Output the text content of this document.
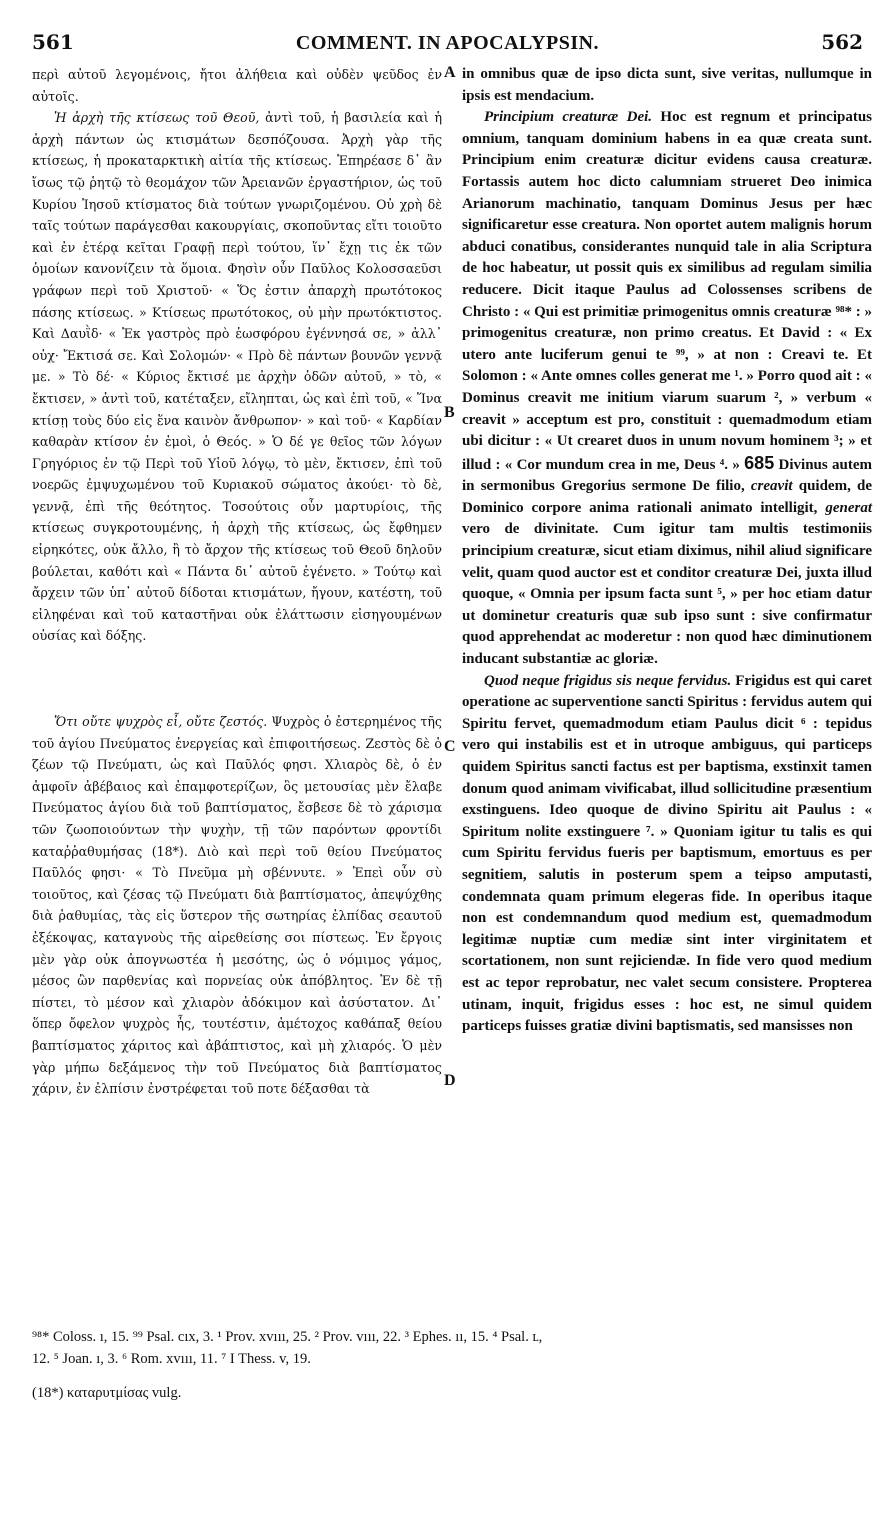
561	COMMENT. IN APOCALYPSIN.	562

περὶ αὐτοῦ λεγομένοις, ἤτοι ἀλήθεια καὶ οὐδὲν ψεῦδος ἐν αὐτοῖς.

Ἡ ἀρχὴ τῆς κτίσεως τοῦ Θεοῦ, ἀντὶ τοῦ, ἡ βασιλεία καὶ ἡ ἀρχὴ πάντων ὡς κτισμάτων δεσπόζουσα. Ἀρχὴ γὰρ τῆς κτίσεως, ἡ προκαταρκτικὴ αἰτία τῆς κτίσεως. Ἐπηρέασε δ᾽ ἂν ἴσως τῷ ῥητῷ τὸ θεομάχον τῶν Ἀρειανῶν ἐργαστήριον, ὡς τοῦ Κυρίου Ἰησοῦ κτίσματος διὰ τούτων γνωριζομένου. Οὐ χρὴ δὲ ταῖς τούτων παράγεσθαι κακουργίαις, σκοποῦντας εἴτι τοιοῦτο καὶ ἐν ἑτέρᾳ κεῖται Γραφῇ περὶ τούτου, ἵν᾽ ἔχῃ τις ἐκ τῶν ὁμοίων κανονίζειν τὰ ὅμοια. Φησὶν οὖν Παῦλος Κολοσσαεῦσι γράφων περὶ τοῦ Χριστοῦ· « Ὅς ἐστιν ἀπαρχὴ πρωτότοκος πάσης κτίσεως. » Κτίσεως πρωτότοκος, οὐ μὴν πρωτόκτιστος. Καὶ Δαυῒδ· « Ἐκ γαστρὸς πρὸ ἑωσφόρου ἐγέννησά σε, » ἀλλ᾽ οὐχ· Ἔκτισά σε. Καὶ Σολομών· « Πρὸ δὲ πάντων βουνῶν γεννᾷ με. » Τὸ δέ· « Κύριος ἔκτισέ με ἀρχὴν ὁδῶν αὐτοῦ, » τὸ, « ἔκτισεν, » ἀντὶ τοῦ, κατέταξεν, εἴληπται, ὡς καὶ ἐπὶ τοῦ, « Ἵνα κτίσῃ τοὺς δύο εἰς ἕνα καινὸν ἄνθρωπον· » καὶ τοῦ· « Καρδίαν καθαρὰν κτίσον ἐν ἐμοὶ, ὁ Θεός. » Ὁ δέ γε θεῖος τῶν λόγων Γρηγόριος ἐν τῷ Περὶ τοῦ Υἱοῦ λόγῳ, τὸ μὲν, ἔκτισεν, ἐπὶ τοῦ νοερῶς ἐμψυχωμένου τοῦ Κυριακοῦ σώματος ἀκούει· τὸ δὲ, γεννᾷ, ἐπὶ τῆς θεότητος. Τοσούτοις οὖν μαρτυρίοις, τῆς κτίσεως συγκροτουμένης, ἡ ἀρχὴ τῆς κτίσεως, ὡς ἔφθημεν εἰρηκότες, οὐκ ἄλλο, ἢ τὸ ἄρχον τῆς κτίσεως τοῦ Θεοῦ δηλοῦν βούλεται, καθότι καὶ « Πάντα δι᾽ αὐτοῦ ἐγένετο. » Τούτῳ καὶ ἄρχειν τῶν ὑπ᾽ αὐτοῦ δίδοται κτισμάτων, ἤγουν, κατέστη, τοῦ εἰληφέναι καὶ τοῦ καταστῆναι οὐκ ἐλάττωσιν εἰσηγουμένων οὐσίας καὶ δόξης.

Ὅτι οὔτε ψυχρὸς εἶ, οὔτε ζεστός. Ψυχρὸς ὁ ἐστερημένος τῆς τοῦ ἁγίου Πνεύματος ἐνεργείας καὶ ἐπιφοιτήσεως. Ζεστὸς δὲ ὁ ζέων τῷ Πνεύματι, ὡς καὶ Παῦλός φησι. Χλιαρὸς δὲ, ὁ ἐν ἀμφοῖν ἀβέβαιος καὶ ἐπαμφοτερίζων, ὃς μετουσίας μὲν ἔλαβε Πνεύματος ἁγίου διὰ τοῦ βαπτίσματος, ἔσβεσε δὲ τὸ χάρισμα τῶν ζωοποιούντων τὴν ψυχὴν, τῇ τῶν παρόντων φροντίδι καταῤῥαθυμήσας (18*). Διὸ καὶ περὶ τοῦ θείου Πνεύματος Παῦλός φησι· « Τὸ Πνεῦμα μὴ σβέννυτε. » Ἐπεὶ οὖν σὺ τοιοῦτος, καὶ ζέσας τῷ Πνεύματι διὰ βαπτίσματος, ἀπεψύχθης διὰ ῥαθυμίας, τὰς εἰς ὕστερον τῆς σωτηρίας ἐλπίδας σεαυτοῦ ἐξέκοψας, καταγνοὺς τῆς αἱρεθείσης σοι πίστεως. Ἐν ἔργοις μὲν γὰρ οὐκ ἀπογνωστέα ἡ μεσότης, ὡς ὁ νόμιμος γάμος, μέσος ὢν παρθενίας καὶ πορνείας οὐκ ἀπόβλητος. Ἐν δὲ τῇ πίστει, τὸ μέσον καὶ χλιαρὸν ἀδόκιμον καὶ ἀσύστατον. Δι᾽ ὅπερ ὄφελον ψυχρὸς ἦς, τουτέστιν, ἀμέτοχος καθάπαξ θείου βαπτίσματος χάριτος καὶ ἀβάπτιστος, καὶ μὴ χλιαρός. Ὁ μὲν γὰρ μήπω δεξάμενος τὴν τοῦ Πνεύματος διὰ βαπτίσματος χάριν, ἐν ἐλπίσιν ἐνστρέφεται τοῦ ποτε δέξασθαι τὰ

A
B
C
D

in omnibus quæ de ipso dicta sunt, sive veritas, nullumque in ipsis est mendacium.

Principium creaturæ Dei. Hoc est regnum et principatus omnium, tanquam dominium habens in ea quæ creata sunt. Principium enim creaturæ dicitur evidens causa creaturæ. Fortassis autem hoc dicto calumniam strueret Deo inimica Arianorum machinatio, tanquam Dominus Jesus per hæc significaretur esse creatura. Non oportet autem malignis horum abduci conatibus, considerantes nunquid tale in alia Scriptura de hoc habeatur, ut possit quis ex similibus ad regulam similia reducere. Dicit itaque Paulus ad Colossenses scribens de Christo : « Qui est primitiæ primogenitus omnis creaturæ ⁹⁸* : » primogenitus creaturæ, non primo creatus. Et David : « Ex utero ante luciferum genui te ⁹⁹, » at non : Creavi te. Et Solomon : « Ante omnes colles generat me ¹. » Porro quod ait : « Dominus creavit me initium viarum suarum ², » verbum « creavit » acceptum est pro, constituit : quemadmodum etiam ubi dicitur : « Ut crearet duos in unum novum hominem ³; » et illud : « Cor mundum crea in me, Deus ⁴. » 685 Divinus autem in sermonibus Gregorius sermone De filio, creavit quidem, de Dominico corpore anima rationali animato intelligit, generat vero de divinitate. Cum igitur tam multis testimoniis principium creaturæ, sicut etiam diximus, nihil aliud significare velit, quam quod auctor est et conditor creaturæ Dei, juxta illud quoque, « Omnia per ipsum facta sunt ⁵, » per hoc etiam datur ut dominetur creaturis quæ sub ipso sunt : sive confirmatur quod apprehendat ac moderetur : non quod hæc diminutionem inducant substantiæ ac gloriæ.

Quod neque frigidus sis neque fervidus. Frigidus est qui caret operatione ac superventione sancti Spiritus : fervidus autem qui Spiritu fervet, quemadmodum etiam Paulus dicit ⁶ : tepidus vero qui instabilis est et in utroque ambiguus, qui particeps quidem Spiritus sancti factus est per baptisma, exstinxit tamen donum quod animam vivificabat, illud sollicitudine præsentium exstinguens. Ideo quoque de divino Spiritu ait Paulus : « Spiritum nolite exstinguere ⁷. » Quoniam igitur tu talis es qui cum Spiritu fervidus fueris per baptismum, emortuus es per segnitiem, salutis in posterum spem a teipso amputasti, condemnata quam primum elegeras fide. In operibus itaque non est condemnandum quod medium est, quemadmodum legitimæ nuptiæ cum mediæ sint inter virginitatem et scortationem, non sunt rejiciendæ. In fide vero quod medium est ac tepor reprobatur, nec valet secum consistere. Propterea utinam, inquit, frigidus esses : hoc est, ne simul quidem particeps fuisses gratiæ divini baptismatis, sed mansisses non

⁹⁸* Coloss. ı, 15. ⁹⁹ Psal. cıx, 3. ¹ Prov. xvııı, 25. ² Prov. vııı, 22. ³ Ephes. ıı, 15. ⁴ Psal. ʟ,
12. ⁵ Joan. ı, 3. ⁶ Rom. xvııı, 11. ⁷ I Thess. v, 19.
(18*) καταρυτμίσας vulg.
